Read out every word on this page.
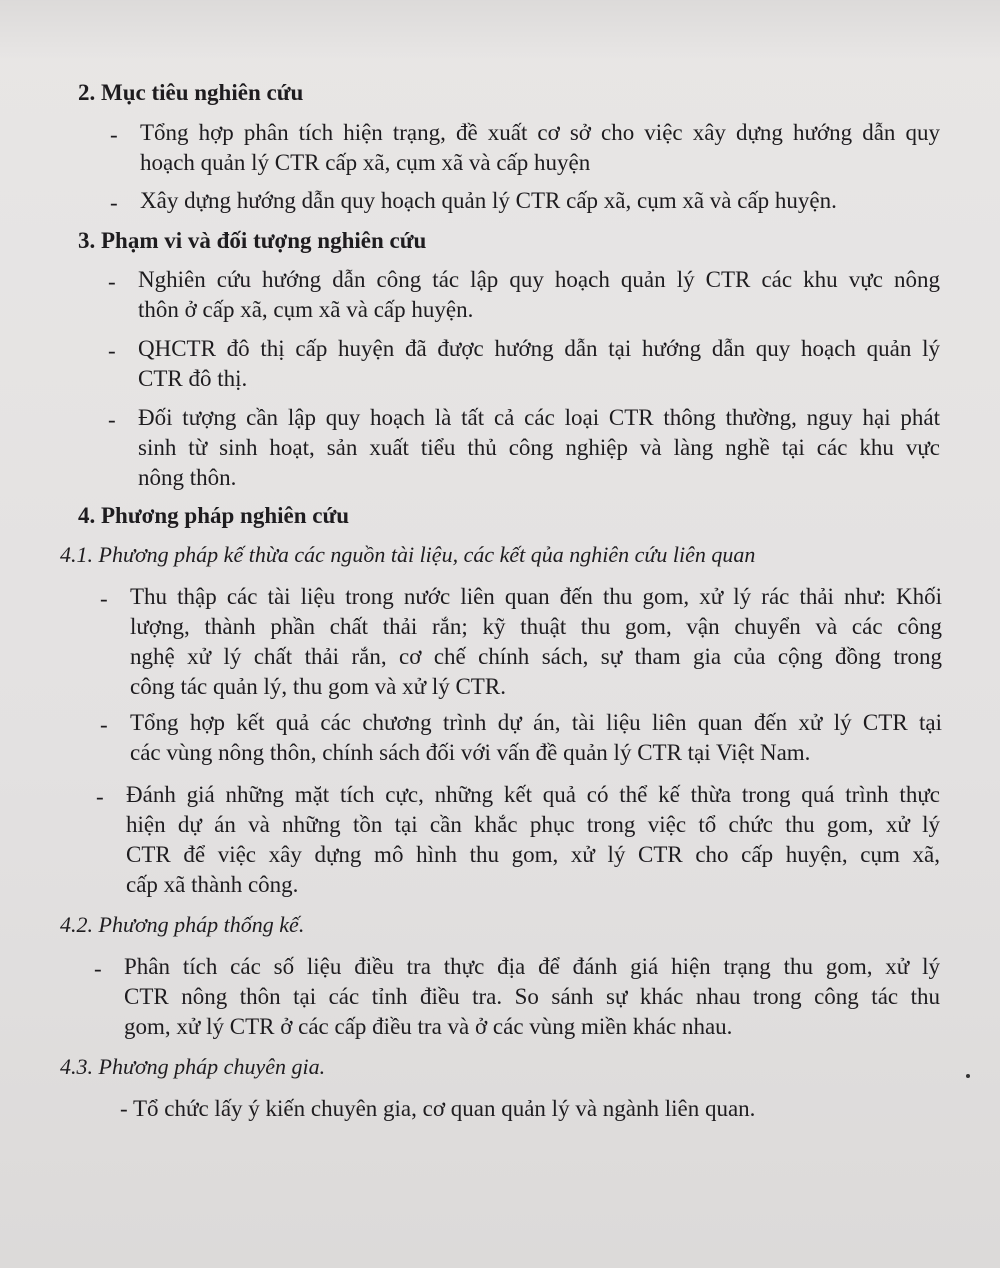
2. Mục tiêu nghiên cứu
- Tổng hợp phân tích hiện trạng, đề xuất cơ sở cho việc xây dựng hướng dẫn quy
hoạch quản lý CTR cấp xã, cụm xã và cấp huyện
- Xây dựng hướng dẫn quy hoạch quản lý CTR cấp xã, cụm xã và cấp huyện.
3. Phạm vi và đối tượng nghiên cứu
- Nghiên cứu hướng dẫn công tác lập quy hoạch quản lý CTR các khu vực nông
thôn ở cấp xã, cụm xã và cấp huyện.
- QHCTR đô thị cấp huyện đã được hướng dẫn tại hướng dẫn quy hoạch quản lý
CTR đô thị.
- Đối tượng cần lập quy hoạch là tất cả các loại CTR thông thường, nguy hại phát
sinh từ sinh hoạt, sản xuất tiểu thủ công nghiệp và làng nghề tại các khu vực
nông thôn.
4. Phương pháp nghiên cứu
4.1. Phương pháp kế thừa các nguồn tài liệu, các kết qủa nghiên cứu liên quan
- Thu thập các tài liệu trong nước liên quan đến thu gom, xử lý rác thải như: Khối
lượng, thành phần chất thải rắn; kỹ thuật thu gom, vận chuyển và các công
nghệ xử lý chất thải rắn, cơ chế chính sách, sự tham gia của cộng đồng trong
công tác quản lý, thu gom và xử lý CTR.
- Tổng hợp kết quả các chương trình dự án, tài liệu liên quan đến xử lý CTR tại
các vùng nông thôn, chính sách đối với vấn đề quản lý CTR tại Việt Nam.
- Đánh giá những mặt tích cực, những kết quả có thể kế thừa trong quá trình thực
hiện dự án và những tồn tại cần khắc phục trong việc tổ chức thu gom, xử lý
CTR để việc xây dựng mô hình thu gom, xử lý CTR cho cấp huyện, cụm xã,
cấp xã thành công.
4.2. Phương pháp thống kế.
- Phân tích các số liệu điều tra thực địa để đánh giá hiện trạng thu gom, xử lý
CTR nông thôn tại các tỉnh điều tra. So sánh sự khác nhau trong công tác thu
gom, xử lý CTR ở các cấp điều tra và ở các vùng miền khác nhau.
4.3. Phương pháp chuyên gia.
- Tổ chức lấy ý kiến chuyên gia, cơ quan quản lý và ngành liên quan.
